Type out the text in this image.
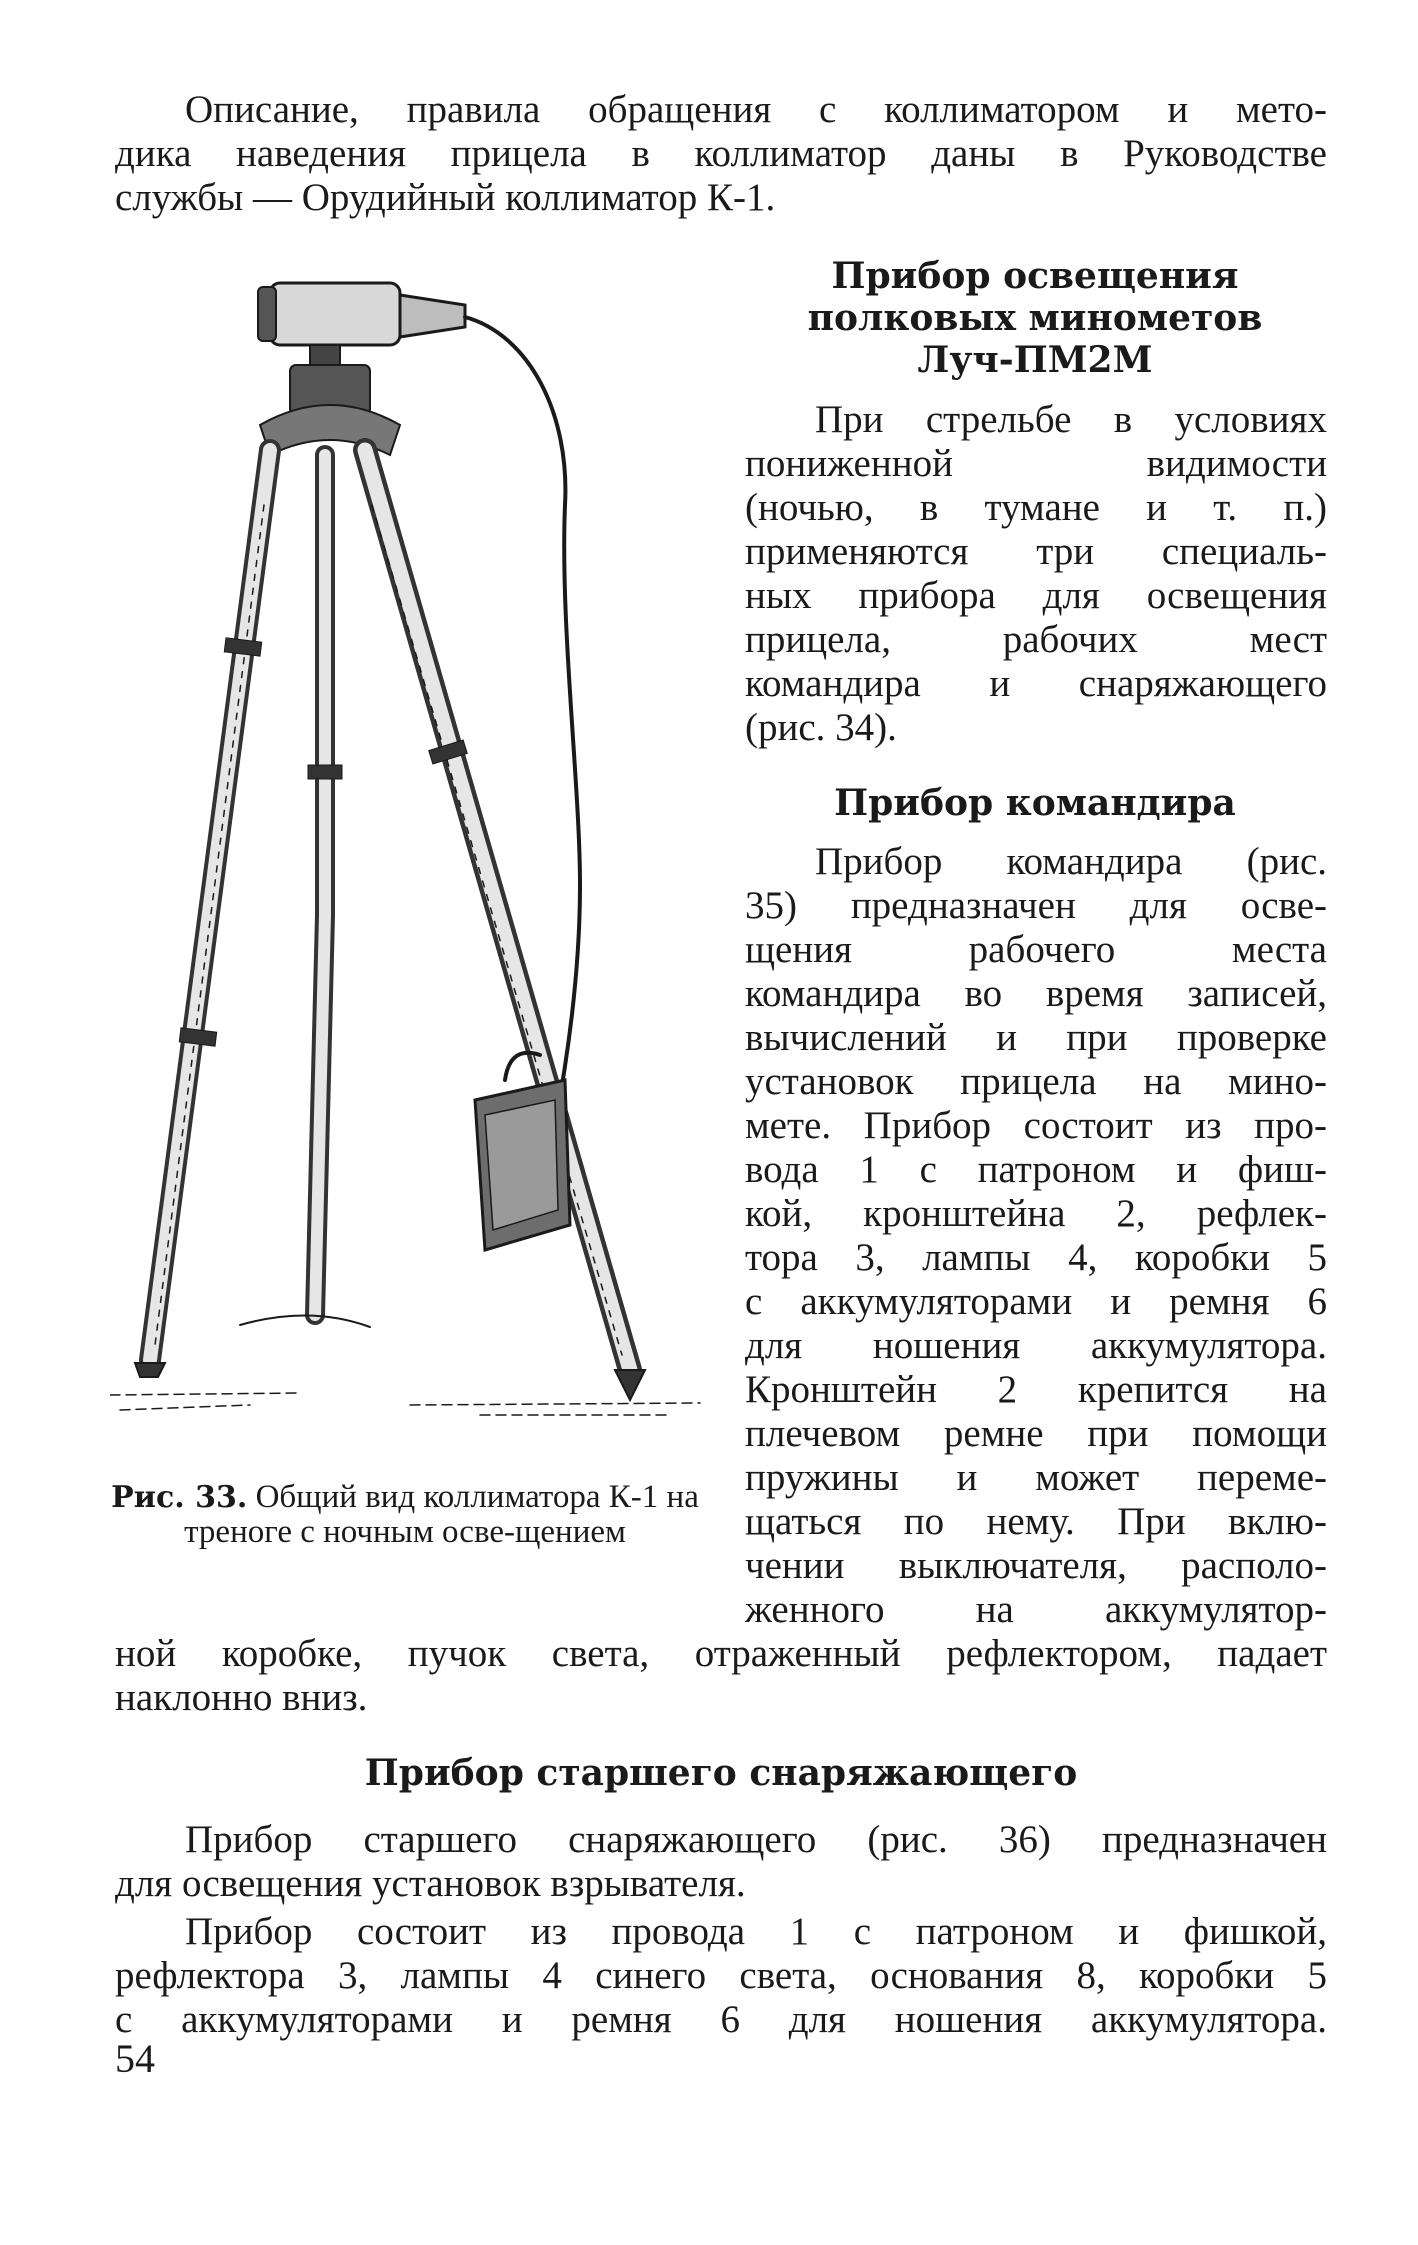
Описание, правила обращения с коллиматором и мето-
дика наведения прицела в коллиматор даны в Руководстве
службы — Орудийный коллиматор К-1.

Рис. 33. Общий вид коллиматора К-1 на треноге с ночным осве-щением

Прибор освещения
полковых минометов
Луч-ПМ2М
При стрельбе в условиях
пониженной видимости
(ночью, в тумане и т. п.)
применяются три специаль-
ных прибора для освещения
прицела, рабочих мест
командира и снаряжающего
(рис. 34).
Прибор командира
Прибор командира (рис.
35) предназначен для осве-
щения рабочего места
командира во время записей,
вычислений и при проверке
установок прицела на мино-
мете. Прибор состоит из про-
вода 1 с патроном и фиш-
кой, кронштейна 2, рефлек-
тора 3, лампы 4, коробки 5
с аккумуляторами и ремня 6
для ношения аккумулятора.
Кронштейн 2 крепится на
плечевом ремне при помощи
пружины и может переме-
щаться по нему. При вклю-
чении выключателя, располо-
женного на аккумулятор-
ной коробке, пучок света, отраженный рефлектором, падает
наклонно вниз.
Прибор старшего снаряжающего
Прибор старшего снаряжающего (рис. 36) предназначен
для освещения установок взрывателя.
Прибор состоит из провода 1 с патроном и фишкой,
рефлектора 3, лампы 4 синего света, основания 8, коробки 5
с аккумуляторами и ремня 6 для ношения аккумулятора.
54
